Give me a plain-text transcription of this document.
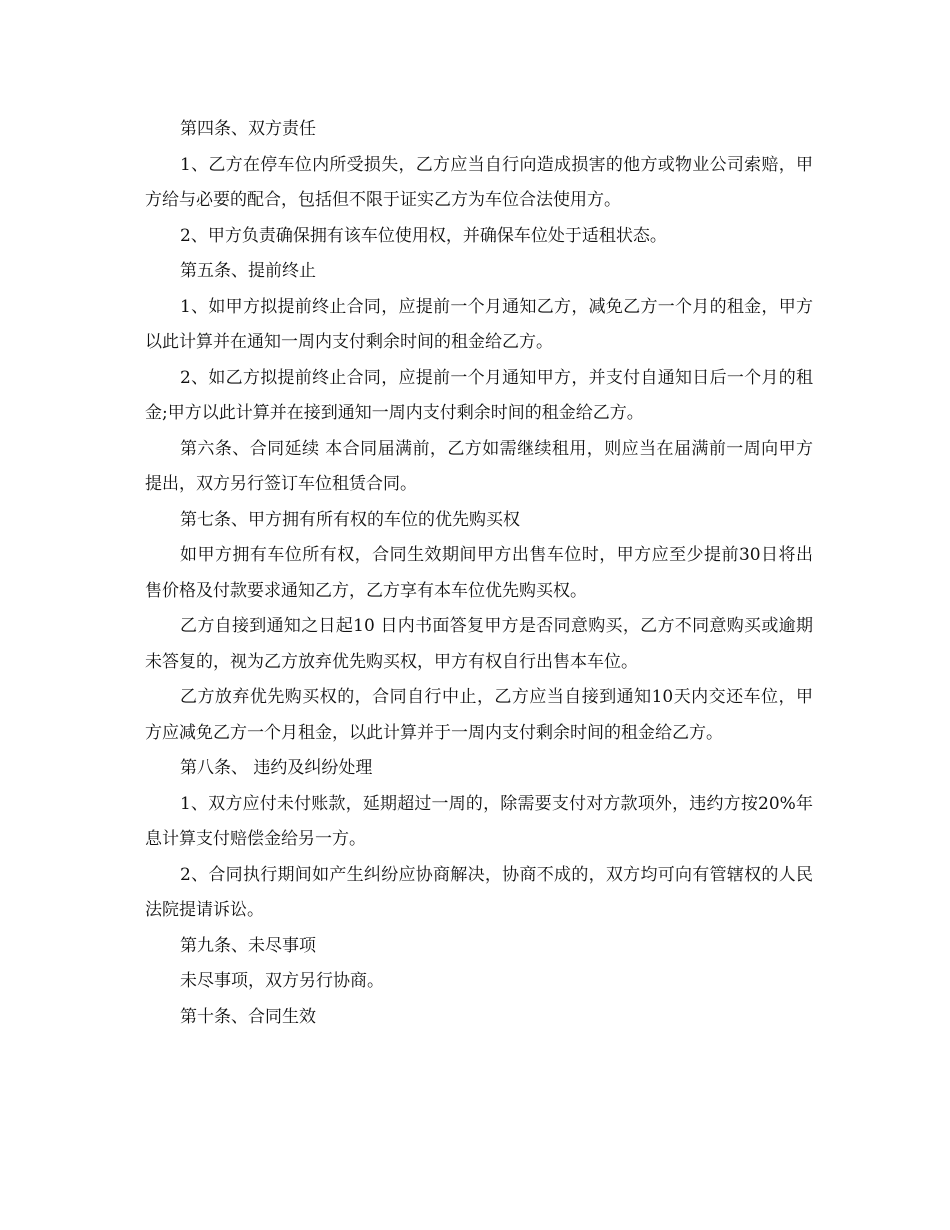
第四条、双方责任

1、乙方在停车位内所受损失，乙方应当自行向造成损害的他方或物业公司索赔，甲方给与必要的配合，包括但不限于证实乙方为车位合法使用方。

2、甲方负责确保拥有该车位使用权，并确保车位处于适租状态。

第五条、提前终止

1、如甲方拟提前终止合同，应提前一个月通知乙方，减免乙方一个月的租金，甲方以此计算并在通知一周内支付剩余时间的租金给乙方。

2、如乙方拟提前终止合同，应提前一个月通知甲方，并支付自通知日后一个月的租金;甲方以此计算并在接到通知一周内支付剩余时间的租金给乙方。

第六条、合同延续 本合同届满前，乙方如需继续租用，则应当在届满前一周向甲方提出，双方另行签订车位租赁合同。

第七条、甲方拥有所有权的车位的优先购买权

如甲方拥有车位所有权，合同生效期间甲方出售车位时，甲方应至少提前30日将出售价格及付款要求通知乙方，乙方享有本车位优先购买权。

乙方自接到通知之日起10 日内书面答复甲方是否同意购买，乙方不同意购买或逾期未答复的，视为乙方放弃优先购买权，甲方有权自行出售本车位。

乙方放弃优先购买权的，合同自行中止，乙方应当自接到通知10天内交还车位，甲方应减免乙方一个月租金，以此计算并于一周内支付剩余时间的租金给乙方。

第八条、 违约及纠纷处理

1、双方应付未付账款，延期超过一周的，除需要支付对方款项外，违约方按20%年息计算支付赔偿金给另一方。

2、合同执行期间如产生纠纷应协商解决，协商不成的，双方均可向有管辖权的人民法院提请诉讼。

第九条、未尽事项

未尽事项，双方另行协商。

第十条、合同生效
